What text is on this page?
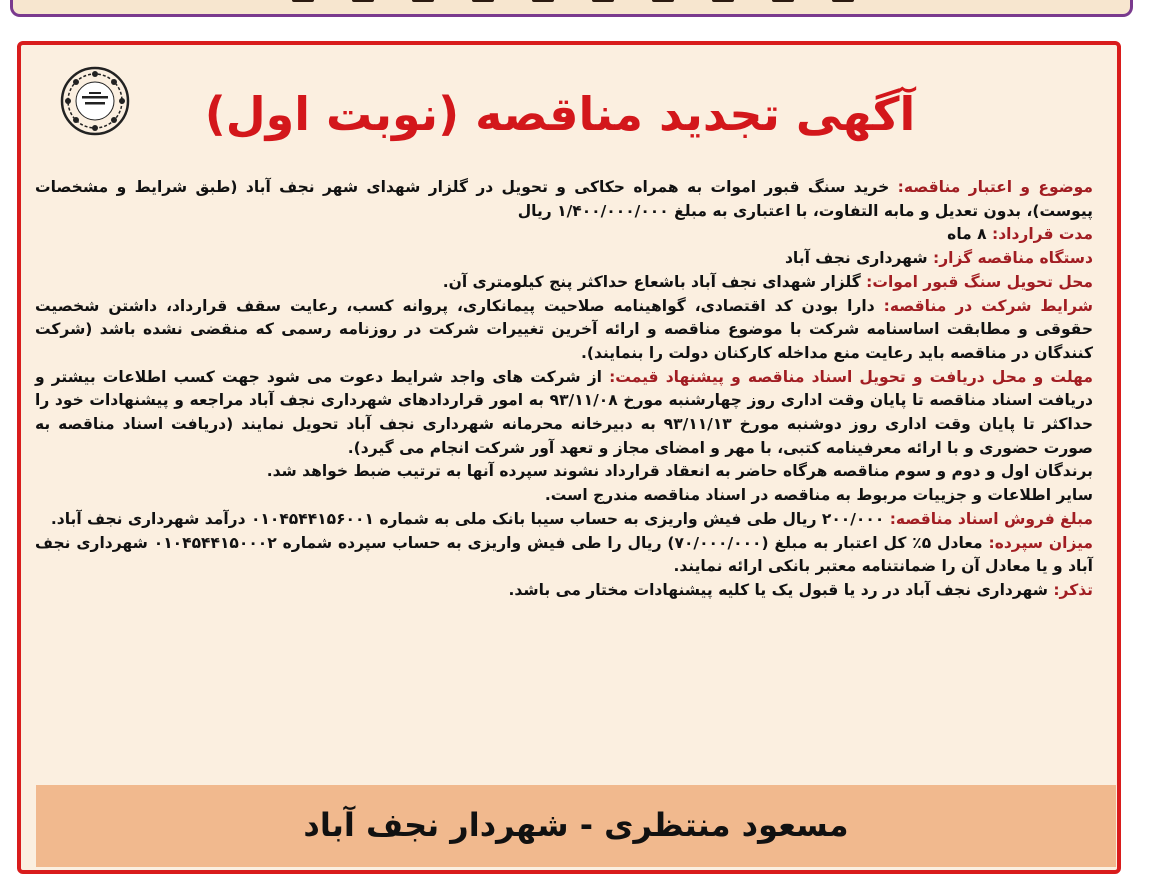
آگهی تجدید مناقصه (نوبت اول)

موضوع و اعتبار مناقصه: خرید سنگ قبور اموات به همراه حکاکی و تحویل در گلزار شهدای شهر نجف آباد (طبق شرایط و مشخصات پیوست)، بدون تعدیل و مابه التفاوت، با اعتباری به مبلغ ۱/۴۰۰/۰۰۰/۰۰۰ ریال

مدت قرارداد: ۸ ماه

دستگاه مناقصه گزار: شهرداری نجف آباد

محل تحویل سنگ قبور اموات: گلزار شهدای نجف آباد باشعاع حداکثر پنج کیلومتری آن.

شرایط شرکت در مناقصه: دارا بودن کد اقتصادی، گواهینامه صلاحیت پیمانکاری، پروانه کسب، رعایت سقف قرارداد، داشتن شخصیت حقوقی و مطابقت اساسنامه شرکت با موضوع مناقصه و ارائه آخرین تغییرات شرکت در روزنامه رسمی که منقضی نشده باشد (شرکت کنندگان در مناقصه باید رعایت منع مداخله کارکنان دولت را بنمایند).

مهلت و محل دریافت و تحویل اسناد مناقصه و پیشنهاد قیمت: از شرکت های واجد شرایط دعوت می شود جهت کسب اطلاعات بیشتر و دریافت اسناد مناقصه تا پایان وقت اداری روز چهارشنبه مورخ ۹۳/۱۱/۰۸ به امور قراردادهای شهرداری نجف آباد مراجعه و پیشنهادات خود را حداکثر تا پایان وقت اداری روز دوشنبه مورخ ۹۳/۱۱/۱۳ به دبیرخانه محرمانه شهرداری نجف آباد تحویل نمایند (دریافت اسناد مناقصه به صورت حضوری و با ارائه معرفینامه کتبی، با مهر و امضای مجاز و تعهد آور شرکت انجام می گیرد).

برندگان اول و دوم و سوم مناقصه هرگاه حاضر به انعقاد قرارداد نشوند سپرده آنها به ترتیب ضبط خواهد شد.

سایر اطلاعات و جزییات مربوط به مناقصه در اسناد مناقصه مندرج است.

مبلغ فروش اسناد مناقصه: ۲۰۰/۰۰۰ ریال طی فیش واریزی به حساب سیبا بانک ملی به شماره ۰۱۰۴۵۴۴۱۵۶۰۰۱ درآمد شهرداری نجف آباد.

میزان سپرده: معادل ۵٪ کل اعتبار به مبلغ (۷۰/۰۰۰/۰۰۰) ریال را طی فیش واریزی به حساب سپرده شماره ۰۱۰۴۵۴۴۱۵۰۰۰۲ شهرداری نجف آباد و یا معادل آن را ضمانتنامه معتبر بانکی ارائه نمایند.

تذکر: شهرداری نجف آباد در رد یا قبول یک یا کلیه پیشنهادات مختار می باشد.

مسعود منتظری - شهردار نجف آباد
